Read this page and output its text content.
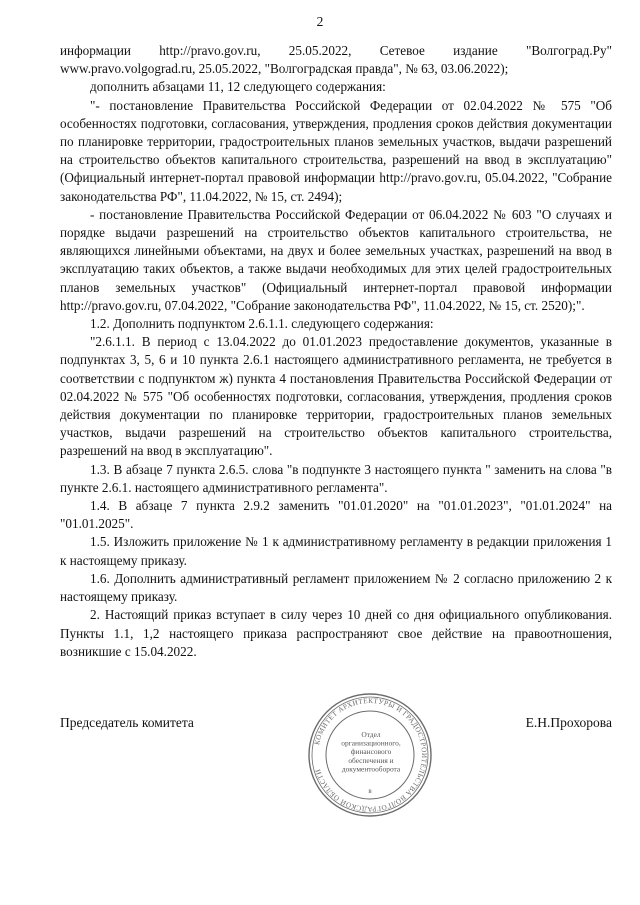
2

информации http://pravo.gov.ru, 25.05.2022, Сетевое издание "Волгоград.Ру" www.pravo.volgograd.ru, 25.05.2022, "Волгоградская правда", № 63, 03.06.2022);

дополнить абзацами 11, 12 следующего содержания:

"- постановление Правительства Российской Федерации от 02.04.2022 № 575 "Об особенностях подготовки, согласования, утверждения, продления сроков действия документации по планировке территории, градостроительных планов земельных участков, выдачи разрешений на строительство объектов капитального строительства, разрешений на ввод в эксплуатацию" (Официальный интернет-портал правовой информации http://pravo.gov.ru, 05.04.2022, "Собрание законодательства РФ", 11.04.2022, № 15, ст. 2494);

- постановление Правительства Российской Федерации от 06.04.2022 № 603 "О случаях и порядке выдачи разрешений на строительство объектов капитального строительства, не являющихся линейными объектами, на двух и более земельных участках, разрешений на ввод в эксплуатацию таких объектов, а также выдачи необходимых для этих целей градостроительных планов земельных участков" (Официальный интернет-портал правовой информации http://pravo.gov.ru, 07.04.2022, "Собрание законодательства РФ", 11.04.2022, № 15, ст. 2520);".

1.2. Дополнить подпунктом 2.6.1.1. следующего содержания:

"2.6.1.1. В период с 13.04.2022 до 01.01.2023 предоставление документов, указанные в подпунктах 3, 5, 6 и 10 пункта 2.6.1 настоящего административного регламента, не требуется в соответствии с подпунктом ж) пункта 4 постановления Правительства Российской Федерации от 02.04.2022 № 575 "Об особенностях подготовки, согласования, утверждения, продления сроков действия документации по планировке территории, градостроительных планов земельных участков, выдачи разрешений на строительство объектов капитального строительства, разрешений на ввод в эксплуатацию".

1.3. В абзаце 7 пункта 2.6.5. слова "в подпункте 3 настоящего пункта " заменить на слова "в пункте 2.6.1. настоящего административного регламента".

1.4. В абзаце 7 пункта 2.9.2 заменить "01.01.2020" на "01.01.2023", "01.01.2024" на "01.01.2025".

1.5. Изложить приложение № 1 к административному регламенту в редакции приложения 1 к настоящему приказу.

1.6. Дополнить административный регламент приложением № 2 согласно приложению 2 к настоящему приказу.

2. Настоящий приказ вступает в силу через 10 дней со дня официального опубликования. Пункты 1.1, 1,2 настоящего приказа распространяют свое действие на правоотношения, возникшие с 15.04.2022.

Председатель комитета	Е.Н.Прохорова
КОМИТЕТ АРХИТЕКТУРЫ И ГРАДОСТРОИТЕЛЬСТВА ВОЛГОГРАДСКОЙ ОБЛАСТИ
Отдел
организационного,
финансового
обеспечения и
документооборота
в
